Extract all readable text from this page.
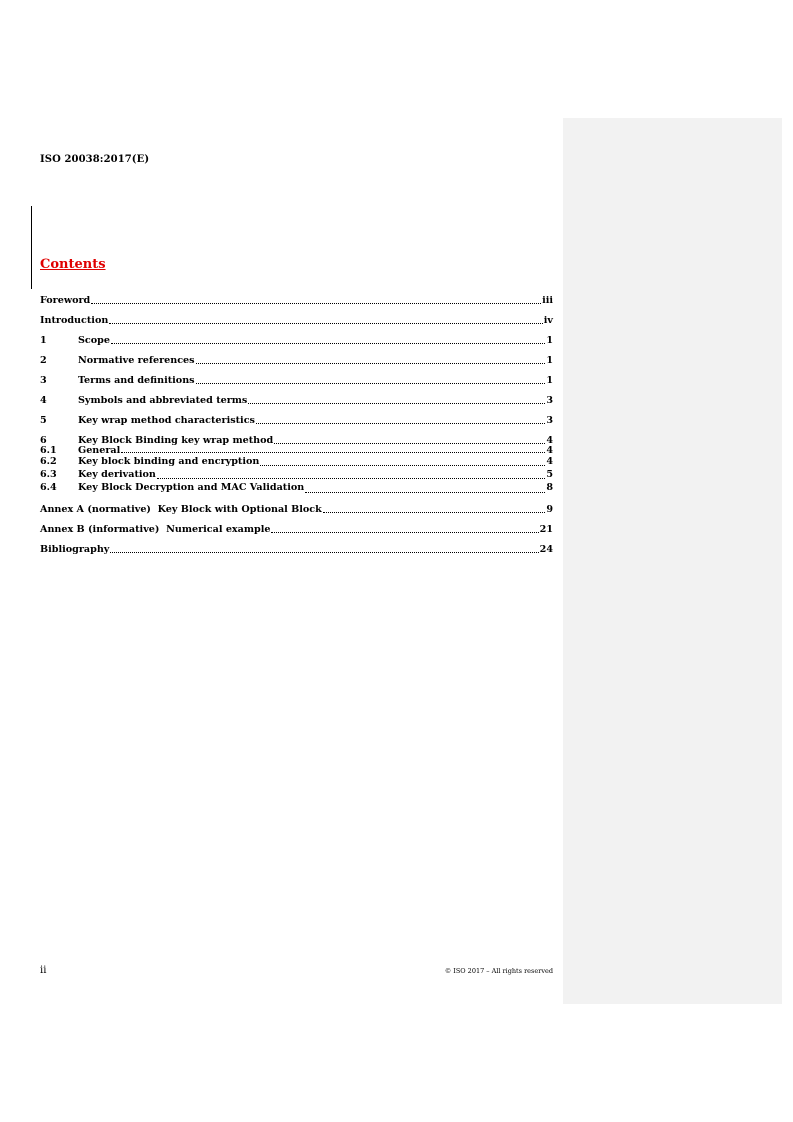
ISO 20038:2017(E)
Contents
Foreword	iii
Introduction	iv
1	Scope	1
2	Normative references	1
3	Terms and definitions	1
4	Symbols and abbreviated terms	3
5	Key wrap method characteristics	3
6	Key Block Binding key wrap method	4
6.1	General	4
6.2	Key block binding and encryption	4
6.3	Key derivation	5
6.4	Key Block Decryption and MAC Validation	8
Annex A (normative)  Key Block with Optional Block	9
Annex B (informative)  Numerical example	21
Bibliography	24
ii	© ISO 2017 – All rights reserved
